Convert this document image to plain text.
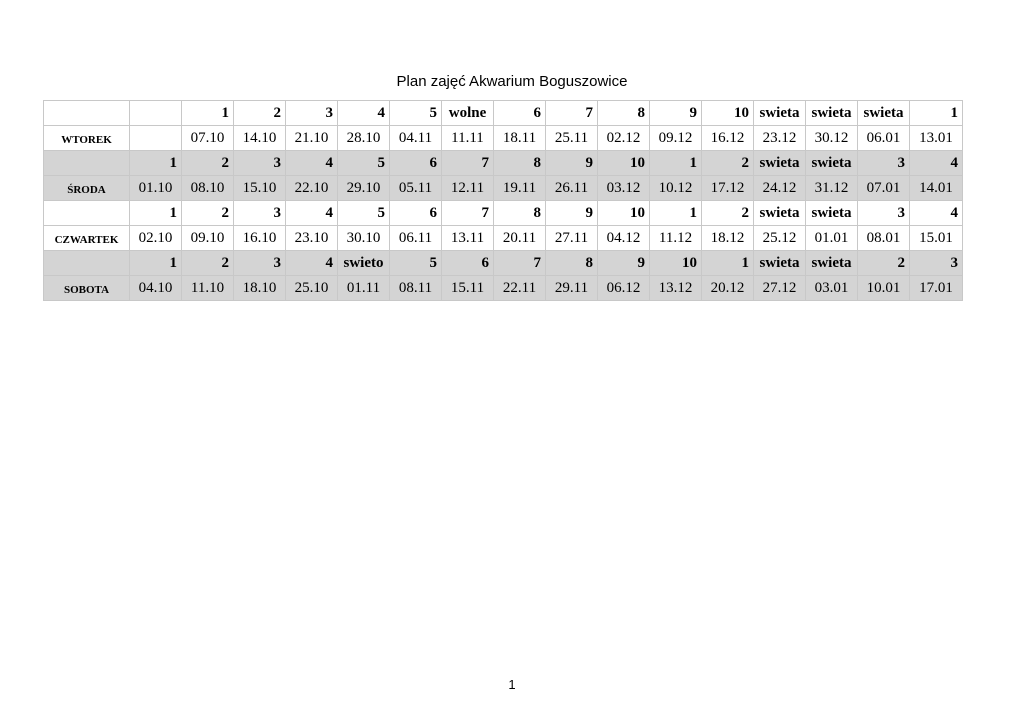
Plan zajęć Akwarium Boguszowice
		1	2	3	4	5	wolne	6	7	8	9	10	swieta	swieta	swieta	1
WTOREK		07.10	14.10	21.10	28.10	04.11	11.11	18.11	25.11	02.12	09.12	16.12	23.12	30.12	06.01	13.01
	1	2	3	4	5	6	7	8	9	10	1	2	swieta	swieta	3	4
ŚRODA	01.10	08.10	15.10	22.10	29.10	05.11	12.11	19.11	26.11	03.12	10.12	17.12	24.12	31.12	07.01	14.01
	1	2	3	4	5	6	7	8	9	10	1	2	swieta	swieta	3	4
CZWARTEK	02.10	09.10	16.10	23.10	30.10	06.11	13.11	20.11	27.11	04.12	11.12	18.12	25.12	01.01	08.01	15.01
	1	2	3	4	swieto	5	6	7	8	9	10	1	swieta	swieta	2	3
SOBOTA	04.10	11.10	18.10	25.10	01.11	08.11	15.11	22.11	29.11	06.12	13.12	20.12	27.12	03.01	10.01	17.01
1
